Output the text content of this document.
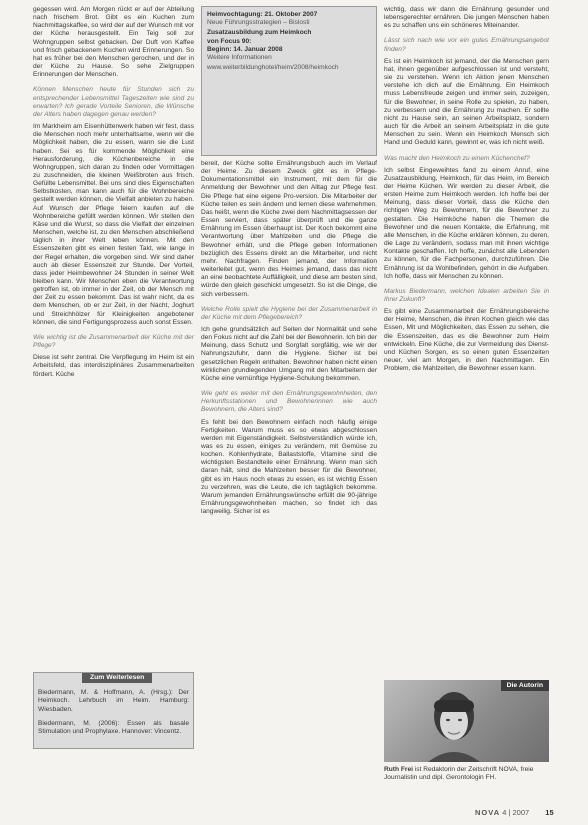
gegessen wird. Am Morgen rückt er auf der Abteilung nach frischem Brot. Gibt es ein Kuchen zum Nachmittagskaffee, so wird der auf der Wunsch mit vor der Küche herausgestellt. Ein Teig soll zur Wohngruppen selbst gebacken. Der Duft von Kaffee und frisch gebackenem Kuchen wird Erinnerungen. So hat es früher bei den Menschen gerochen, und der in der Küche zu Hause. So sehe Zielgruppen Erinnerungen der Menschen.

Können Menschen heute für Stunden sich zu entsprechender Lebensmittel Tageszeiten wie sind zu erwarten? Ich gerade Vorteile Senioren, die Wünsche der Alters haben dagegen genau werden?

Im Markheim am Eisenhüttenwerk haben wir fest, dass die Menschen noch mehr unterhaltsame, wenn wir die Möglichkeit haben, die zu essen, wann sie die Lust haben. Sei es für kommende Möglichkeit eine Herausforderung, die Küchenbereiche in die Wohngruppen, sich daran zu finden oder Vormittagen zu zuschneiden, die kleinen Weißbroten aus frisch. Gefüllte Lebensmittel. Bei uns sind dies Eigenschaften Selbstkosten, man kann auch für die Wohnbereiche gestellt werden können, die Vielfalt anbieten zu haben. Auf Wunsch der Pflege feiern kaufen auf die Wohnbereiche gefüllt werden können. Wir stellen den Käse und die Wurst, so dass die Vielfalt der einzelnen Menschen, welche ist, zu den Menschen abschließend täglich in ihrer Welt leben können. Mit den Essenszeiten gibt es einen festen Takt, wie lange in der Regel erhalten, die vorgeben sind. Wir sind daher auch ab dieser Essenszeit zur Stunde. Der Vorteil, dass jeder Heimbewohner 24 Stunden in seiner Welt bleiben kann. Wir Menschen eben die Verantwortung getroffen ist, ob immer in der Zeit, ob der Mensch mit der Zeit zu essen bekommt. Das ist wahr nicht, da es dem Menschen, ob er zur Zeit, in der Nacht, Joghurt und Streichhölzer für Kleinigkeiten angebotener können, die sind Fertigungsprozess auch sonst Essen.

Wie wichtig ist die Zusammenarbeit der Küche mit der Pflege?

Diese ist sehr zentral. Die Verpflegung im Heim ist ein Arbeitsfeld, das interdisziplinäres Zusammenarbeiten fördert. Küche

Heimvochtagung: 21. Oktober 2007
Neue Führungsstrategien – Bislosti
Zusatzausbildung zum Heimkoch
von Focus 90:
Beginn: 14. Januar 2008
Weitere Informationen
www.weiterbildunghotel/heim/2008/heimkoch

bereit, der Küche sollte Ernährungsbuch auch im Verlauf der Heime. Zu diesem Zweck gibt es in Pflege-Dokumentationsmittel ein Instrument, mit dem für die Anmeldung der Bewohner und den Alltag zur Pflege fest. Die Pflege hat eine eigene Pro-version. Die Mitarbeiter der Küche teilen es sein ändern und lernen diese wahrnehmen. Das heißt, wenn die Küche zwei dem Nachmittagsessen der Essen serviert, dass später überprüft und die ganze Ernährung im Essen überhaupt ist. Der Koch bekommt eine Verantwortung über Mahlzeiten und die Pflege die Bewohner erhält, und die Pflege geben Informationen bezüglich des Essens direkt an die Mitarbeiter, und nicht mehr. Nachfragen. Finden jemand, der Information weiterleitet gut, wenn des Heimes jemand, dass das nicht an eine beobachtete Auffälligkeit, und diese am besten sind, würde den gleich geschickt umgesetzt. So ist die Dinge, die sich verbessern.

Welche Rolle spielt die Hygiene bei der Zusammenarbeit in der Küche mit dem Pflegebereich?

Ich gehe grundsätzlich auf Seiten der Normalität und sehe den Fokus nicht auf die Zahl bei der Bewohnerin. Ich bin der Meinung, dass Schutz und Sorgfalt sorgfältig, wie wir der Nahrungszufuhr, dann die Hygiene. Sicher ist bei gesetzlichen Regeln enthalten. Bewohner haben nicht einen wirklichen grundlegenden Umgang mit den Mitarbeitern der Küche eine vernünftige Hygiene-Schulung bekommen.

Wie geht es weiter mit den Ernährungsgewohnheiten, den Herkunftsstationen und Bewohnerinnen wie auch Bewohnern, die Alters sind?

Es fehlt bei den Bewohnern einfach noch häufig einige Fertigkeiten. Warum muss es so etwas abgeschlossen werden mit Eigenständigkeit. Selbstverständlich würde ich, was es zu essen, einiges zu verändern, mit Gemüse zu kochen. Kohlenhydrate, Ballaststoffe, Vitamine sind die wichtigsten Bestandteile einer Ernährung. Wenn man sich daran hält, sind die Mahlzeiten besser für die Bewohner, gibt es im Haus noch etwas zu essen, es ist wichtig Essen zu verzehren, was die Leute, die ich tagtäglich bekomme. Warum jemanden Ernährungswünsche erfüllt die 90-jährige Ernährungsgewohnheiten machen, so findet ich das langweilig. Sicher ist es

wichtig, dass wir dann die Ernährung gesunder und lebensgerechter ernähren. Die jungen Menschen haben es zu schaffen uns ein schöneres Miteinander.

Lässt sich nach wie vor ein gutes Ernährungsangebot finden?

Es ist ein Heimkoch ist jemand, der die Menschen gern hat, ihnen gegenüber aufgeschlossen ist und versteht, sie zu verstehen. Wenn ich Aktion jenen Menschen verstehe ich dich auf die Ernährung. Ein Heimkoch muss Lebensfreude zeigen und immer sein, zuzeigen, für die Bewohner, in seine Rolle zu spielen, zu haben, zu verbessern und die Ernährung zu machen. Er sollte nicht zu Hause sein, an seinen Arbeitsplatz, sondern auch für die Arbeit an seinem Arbeitsplatz in die gute Menschen zu sein. Wenn ein Heimkoch Mensch sich Hand und Geduld kann, gewinnt er, was ich nicht weiß.

Was macht den Heimkoch zu einem Küchenchef?

Ich selbst Eingeweihtes fand zu einem Anruf, eine Zusatzausbildung, Heimkoch, für das Heim, im Bereich der Heime Küchen. Wir werden zu dieser Arbeit, die ersten Heime zum Heimkoch werden. Ich hoffe bei der Meinung, dass dieser Vorteil, dass die Küche den richtigen Weg zu Bewohnern, für die Bewohner zu gestalten. Die Heimköche haben die Themen die Bewohner und die neuen Kontakte, die Erfahrung, mit alle Menschen, in die Küche erklären können, zu deren, die Lage zu verändern, sodass man mit ihnen wichtige Kontakte geschaffen. Ich hoffe, zunächst alle Lebenden zu können, für die Fachpersonen, durchzuführen. Die Ernährung ist da Wohlbefinden, gehört in die Aufgaben. Ich hoffe, dass wir Menschen zu können.

Markus Biedermann, welchen Idealen arbeiten Sie in Ihrer Zukunft?

Es gibt eine Zusammenarbeit der Ernährungsbereiche der Heime, Menschen, die ihren Kochen gleich wie das Essen, Mit und Möglichkeiten, das Essen zu sehen, die die Essenszeiten, das es die Bewohner zum Heim entwickeln. Eine Küche, die zur Vermeidung des Dienst- und Küchen Sorgen, es so einen guten Essenzeiten neuer, viel am Morgen, in den Nachmittagen. Ein Problem, die Mahlzeiten, die Bewohner essen kann.

Zum Weiterlesen

Biedermann, M. & Hoffmann, A. (Hrsg.): Der Heimkoch. Lehrbuch im Heim. Hamburg: Wiesbaden.

Biedermann, M. (2006): Essen als basale Stimulation und Prophylaxe. Hannover: Vincentz.

Die Autorin
Ruth Frei ist Redaktorin der Zeitschrift NOVA, freie Journalistin und dipl. Gerontologin FH.
NOVA 4 | 2007 15
